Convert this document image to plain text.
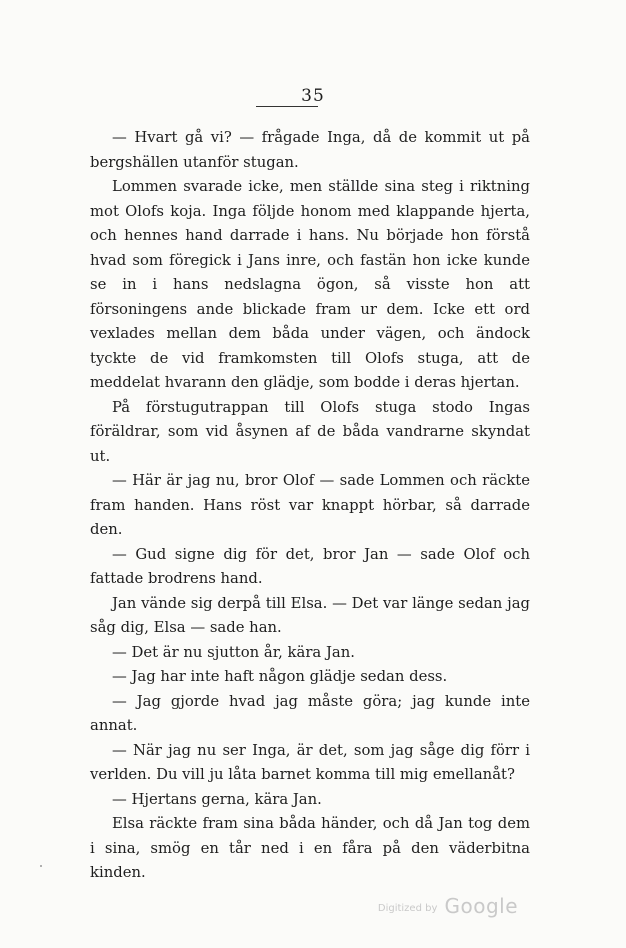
35

— Hvart gå vi? — frågade Inga, då de kommit ut på bergshällen utanför stugan.

Lommen svarade icke, men ställde sina steg i riktning mot Olofs koja. Inga följde honom med klappande hjerta, och hennes hand darrade i hans. Nu började hon förstå hvad som föregick i Jans inre, och fastän hon icke kunde se in i hans nedslagna ögon, så visste hon att försoningens ande blickade fram ur dem. Icke ett ord vexlades mellan dem båda under vägen, och ändock tyckte de vid framkomsten till Olofs stuga, att de meddelat hvarann den glädje, som bodde i deras hjertan.

På förstugutrappan till Olofs stuga stodo Ingas föräldrar, som vid åsynen af de båda vandrarne skyndat ut.

— Här är jag nu, bror Olof — sade Lommen och räckte fram handen. Hans röst var knappt hörbar, så darrade den.

— Gud signe dig för det, bror Jan — sade Olof och fattade brodrens hand.

Jan vände sig derpå till Elsa. — Det var länge sedan jag såg dig, Elsa — sade han.

— Det är nu sjutton år, kära Jan.

— Jag har inte haft någon glädje sedan dess.

— Jag gjorde hvad jag måste göra; jag kunde inte annat.

— När jag nu ser Inga, är det, som jag såge dig förr i verlden. Du vill ju låta barnet komma till mig emellanåt?

— Hjertans gerna, kära Jan.

Elsa räckte fram sina båda händer, och då Jan tog dem i sina, smög en tår ned i en fåra på den väderbitna kinden.

Digitized by Google
